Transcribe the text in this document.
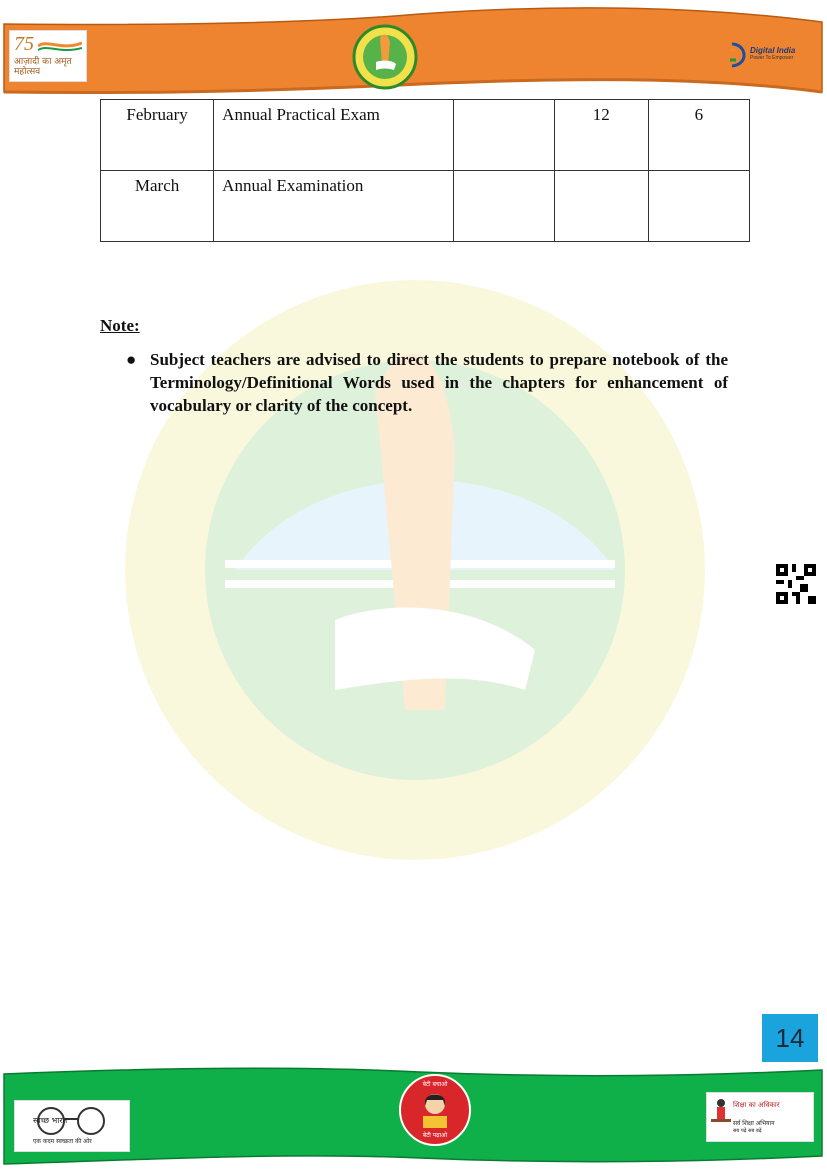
75
आज़ादी का अमृत महोत्सव
Digital India
Power To Empower
February	Annual Practical Exam		12	6
March	Annual Examination			
Note:
● Subject teachers are advised to direct the students to prepare notebook of the Terminology/Definitional Words used in the chapters for enhancement of vocabulary or clarity of the concept.
14
स्वच्छ भारत
एक कदम स्वच्छता की ओर
बेटी बचाओ
बेटी पढ़ाओ
शिक्षा का अधिकार
सर्व शिक्षा अभियान
सब पढ़ें सब बढ़ें
